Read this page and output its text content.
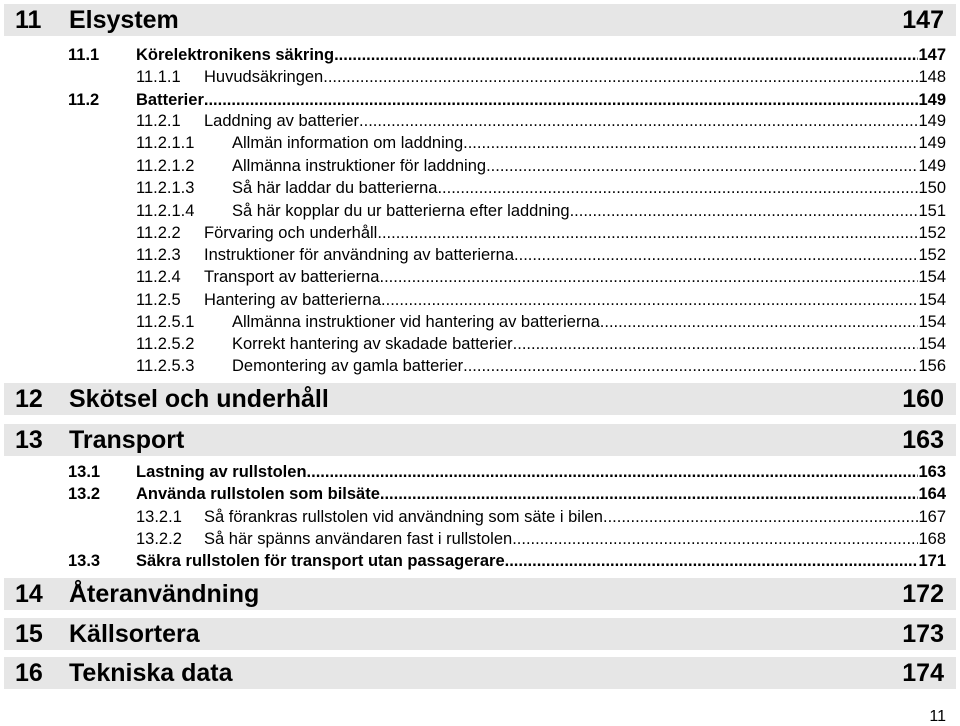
11 Elsystem	147
11.1	Körelektronikens säkring .....	147
11.1.1	Huvudsäkringen .....	148
11.2	Batterier .....	149
11.2.1	Laddning av batterier .....	149
11.2.1.1	Allmän information om laddning .....	149
11.2.1.2	Allmänna instruktioner för laddning .....	149
11.2.1.3	Så här laddar du batterierna .....	150
11.2.1.4	Så här kopplar du ur batterierna efter laddning .....	151
11.2.2	Förvaring och underhåll .....	152
11.2.3	Instruktioner för användning av batterierna .....	152
11.2.4	Transport av batterierna .....	154
11.2.5	Hantering av batterierna .....	154
11.2.5.1	Allmänna instruktioner vid hantering av batterierna .....	154
11.2.5.2	Korrekt hantering av skadade batterier .....	154
11.2.5.3	Demontering av gamla batterier .....	156
12 Skötsel och underhåll	160
13 Transport	163
13.1	Lastning av rullstolen .....	163
13.2	Använda rullstolen som bilsäte .....	164
13.2.1	Så förankras rullstolen vid användning som säte i bilen .....	167
13.2.2	Så här spänns användaren fast i rullstolen .....	168
13.3	Säkra rullstolen för transport utan passagerare .....	171
14 Återanvändning	172
15 Källsortera	173
16 Tekniska data	174
11
